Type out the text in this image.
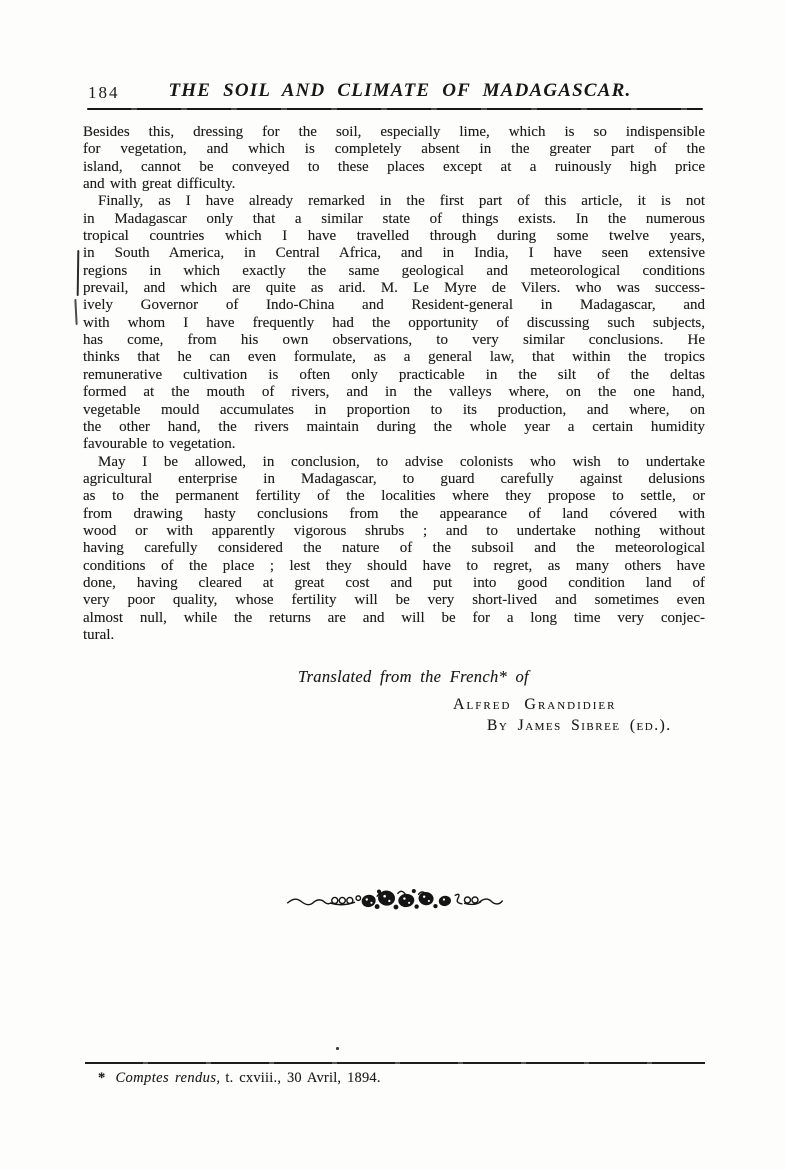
184	THE SOIL AND CLIMATE OF MADAGASCAR.
Besides this, dressing for the soil, especially lime, which is so indispensible
for vegetation, and which is completely absent in the greater part of the
island, cannot be conveyed to these places except at a ruinously high price
and with great difficulty.
Finally, as I have already remarked in the first part of this article, it is not
in Madagascar only that a similar state of things exists. In the numerous
tropical countries which I have travelled through during some twelve years,
in South America, in Central Africa, and in India, I have seen extensive
regions in which exactly the same geological and meteorological conditions
prevail, and which are quite as arid. M. Le Myre de Vilers. who was success-
ively Governor of Indo-China and Resident-general in Madagascar, and
with whom I have frequently had the opportunity of discussing such subjects,
has come, from his own observations, to very similar conclusions. He
thinks that he can even formulate, as a general law, that within the tropics
remunerative cultivation is often only practicable in the silt of the deltas
formed at the mouth of rivers, and in the valleys where, on the one hand,
vegetable mould accumulates in proportion to its production, and where, on
the other hand, the rivers maintain during the whole year a certain humidity
favourable to vegetation.
May I be allowed, in conclusion, to advise colonists who wish to undertake
agricultural enterprise in Madagascar, to guard carefully against delusions
as to the permanent fertility of the localities where they propose to settle, or
from drawing hasty conclusions from the appearance of land cóvered with
wood or with apparently vigorous shrubs ; and to undertake nothing without
having carefully considered the nature of the subsoil and the meteorological
conditions of the place ; lest they should have to regret, as many others have
done, having cleared at great cost and put into good condition land of
very poor quality, whose fertility will be very short-lived and sometimes even
almost null, while the returns are and will be for a long time very conjec-
tural.
Translated from the French* of
Alfred Grandidier
By James Sibree (ed.).
* Comptes rendus, t. cxviii., 30 Avril, 1894.
